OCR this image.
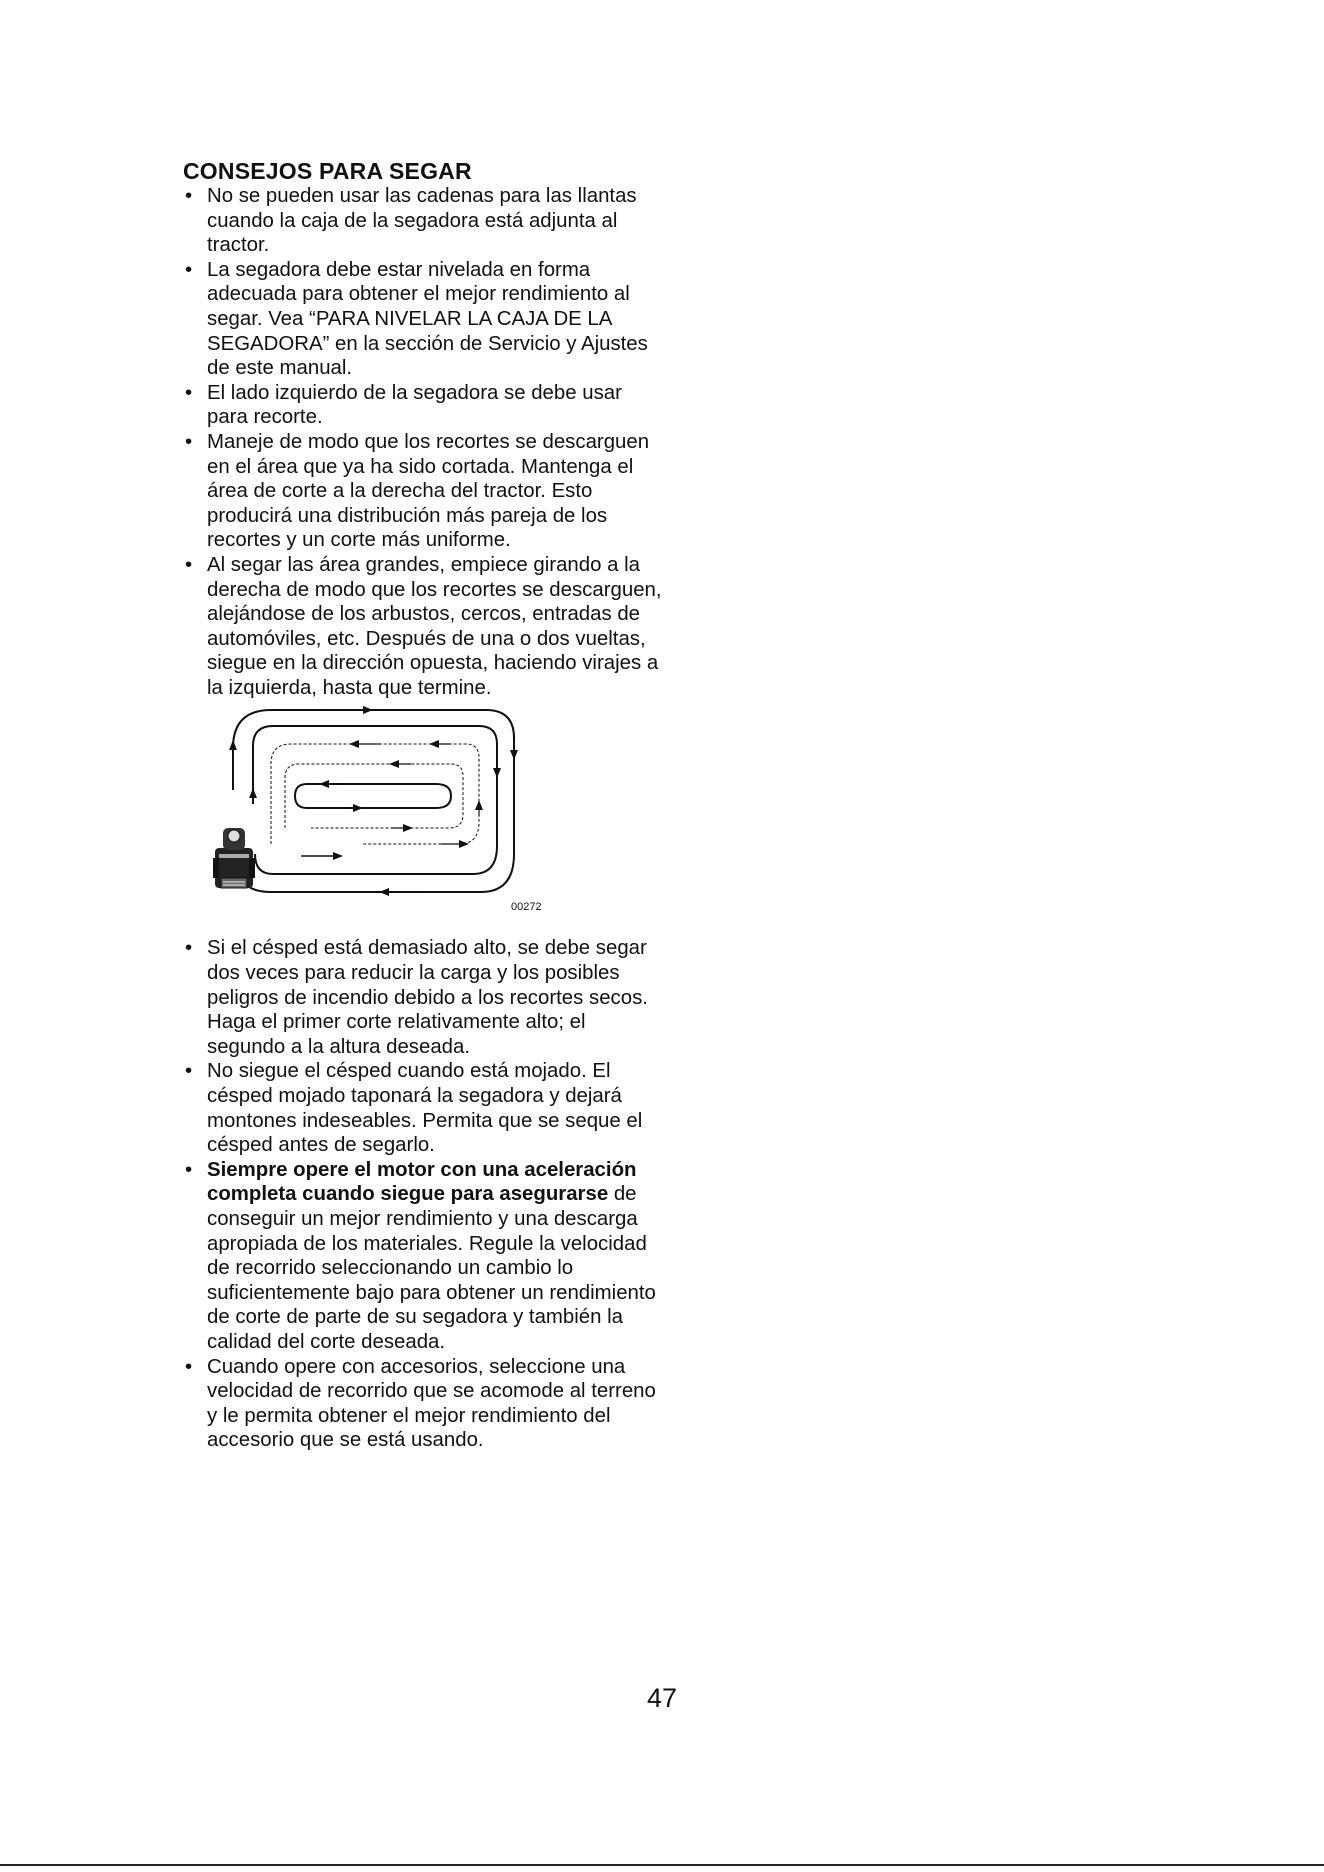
CONSEJOS PARA SEGAR
• No se pueden usar las cadenas para las llantas cuando la caja de la segadora está adjunta al tractor.
• La segadora debe estar nivelada en forma adecuada para obtener el mejor rendimiento al segar. Vea “PARA NIVELAR LA CAJA DE LA SEGADORA” en la sección de Servicio y Ajustes de este manual.
• El lado izquierdo de la segadora se debe usar para recorte.
• Maneje de modo que los recortes se descarguen en el área que ya ha sido cortada. Mantenga el área de corte a la derecha del tractor. Esto producirá una distribución más pareja de los recortes y un corte más uniforme.
• Al segar las área grandes, empiece girando a la derecha de modo que los recortes se descarguen, alejándose de los arbustos, cercos, entradas de automóviles, etc. Después de una o dos vueltas, siegue en la dirección opuesta, haciendo virajes a la izquierda, hasta que termine.
00272
• Si el césped está demasiado alto, se debe segar dos veces para reducir la carga y los posibles peligros de incendio debido a los recortes secos. Haga el primer corte relativamente alto; el segundo a la altura deseada.
• No siegue el césped cuando está mojado. El césped mojado taponará la segadora y dejará montones indeseables. Permita que se seque el césped antes de segarlo.
• Siempre opere el motor con una aceleración completa cuando siegue para asegurarse de conseguir un mejor rendimiento y una descarga apropiada de los materiales. Regule la velocidad de recorrido seleccionando un cambio lo suficientemente bajo para obtener un rendimiento de corte de parte de su segadora y también la calidad del corte deseada.
• Cuando opere con accesorios, seleccione una velocidad de recorrido que se acomode al terreno y le permita obtener el mejor rendimiento del accesorio que se está usando.
47
